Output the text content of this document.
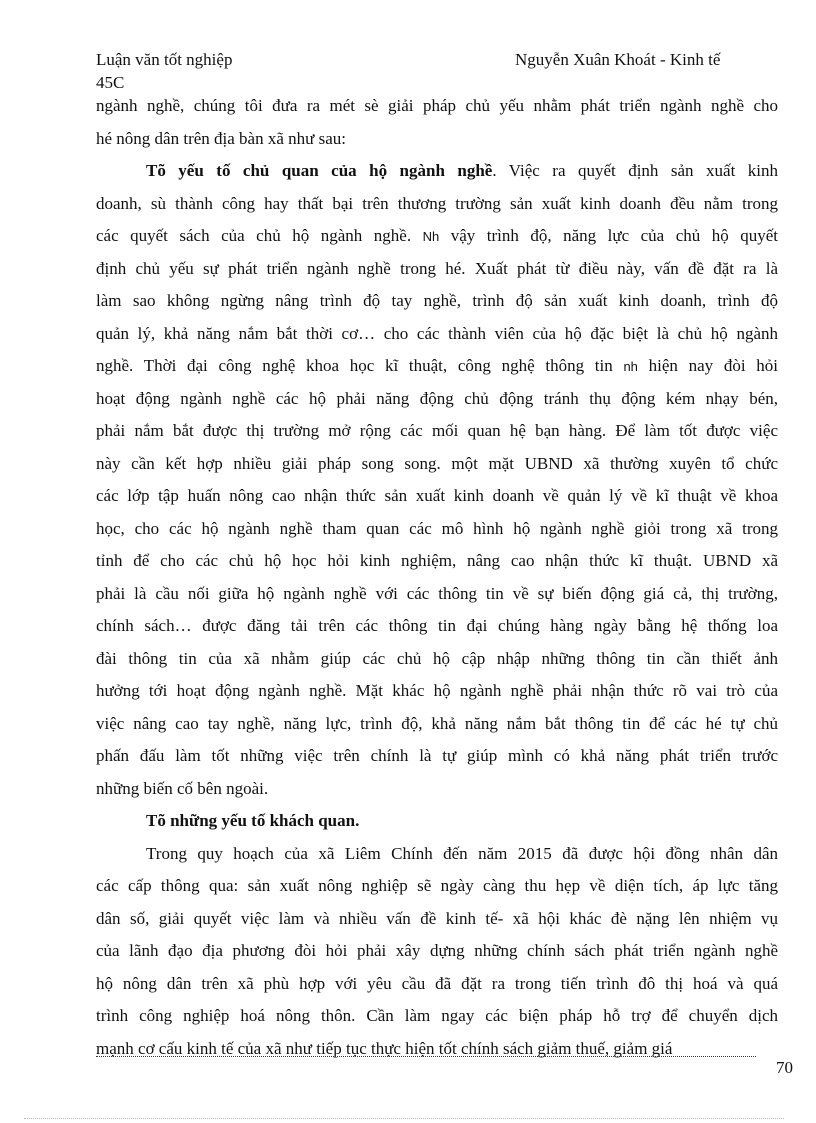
Luận văn tốt nghiệp	Nguyễn Xuân Khoát - Kinh tế
45C
ngành nghề, chúng tôi đưa ra mét sè giải pháp chủ yếu nhằm phát triển ngành nghề cho
hé nông dân trên địa bàn xã như sau:
Tõ yếu tố chủ quan của hộ ngành nghề. Việc ra quyết định sản xuất kinh
doanh, sù thành công hay thất bại trên thương trường sản xuất kinh doanh đều nằm trong
các quyết sách của chủ hộ ngành nghề. Nh vậy trình độ, năng lực của chủ hộ quyết
định chủ yếu sự phát triển ngành nghề trong hé. Xuất phát từ điều này, vấn đề đặt ra là
làm sao không ngừng nâng trình độ tay nghề, trình độ sản xuất kinh doanh, trình độ
quản lý, khả năng nắm bắt thời cơ… cho các thành viên của hộ đặc biệt là chủ hộ ngành
nghề. Thời đại công nghệ khoa học kĩ thuật, công nghệ thông tin nh hiện nay đòi hỏi
hoạt động ngành nghề các hộ phải năng động chủ động tránh thụ động kém nhạy bén,
phải nắm bắt được thị trường mở rộng các mối quan hệ bạn hàng. Để làm tốt được việc
này cần kết hợp nhiều giải pháp song song. một mặt UBND xã thường xuyên tổ chức
các lớp tập huấn nông cao nhận thức sản xuất kinh doanh về quản lý về kĩ thuật về khoa
học, cho các hộ ngành nghề tham quan các mô hình hộ ngành nghề giỏi trong xã trong
tỉnh để cho các chủ hộ học hỏi kinh nghiệm, nâng cao nhận thức kĩ thuật. UBND xã
phải là cầu nối giữa hộ ngành nghề với các thông tin về sự biến động giá cả, thị trường,
chính sách… được đăng tải trên các thông tin đại chúng hàng ngày bằng hệ thống loa
đài thông tin của xã nhằm giúp các chủ hộ cập nhập những thông tin cần thiết ảnh
hưởng tới hoạt động ngành nghề. Mặt khác hộ ngành nghề phải nhận thức rõ vai trò của
việc nâng cao tay nghề, năng lực, trình độ, khả năng nắm bắt thông tin để các hé tự chủ
phấn đấu làm tốt những việc trên chính là tự giúp mình có khả năng phát triển trước
những biến cố bên ngoài.
Tõ những yếu tố khách quan.
Trong quy hoạch của xã Liêm Chính đến năm 2015 đã được hội đồng nhân dân
các cấp thông qua: sản xuất nông nghiệp sẽ ngày càng thu hẹp về diện tích, áp lực tăng
dân số, giải quyết việc làm và nhiều vấn đề kinh tế- xã hội khác đè nặng lên nhiệm vụ
của lãnh đạo địa phương đòi hỏi phải xây dựng những chính sách phát triển ngành nghề
hộ nông dân trên xã phù hợp với yêu cầu đã đặt ra trong tiến trình đô thị hoá và quá
trình công nghiệp hoá nông thôn. Cần làm ngay các biện pháp hỗ trợ để chuyển dịch
mạnh cơ cấu kinh tế của xã như tiếp tục thực hiện tốt chính sách giảm thuế, giảm giá
70
